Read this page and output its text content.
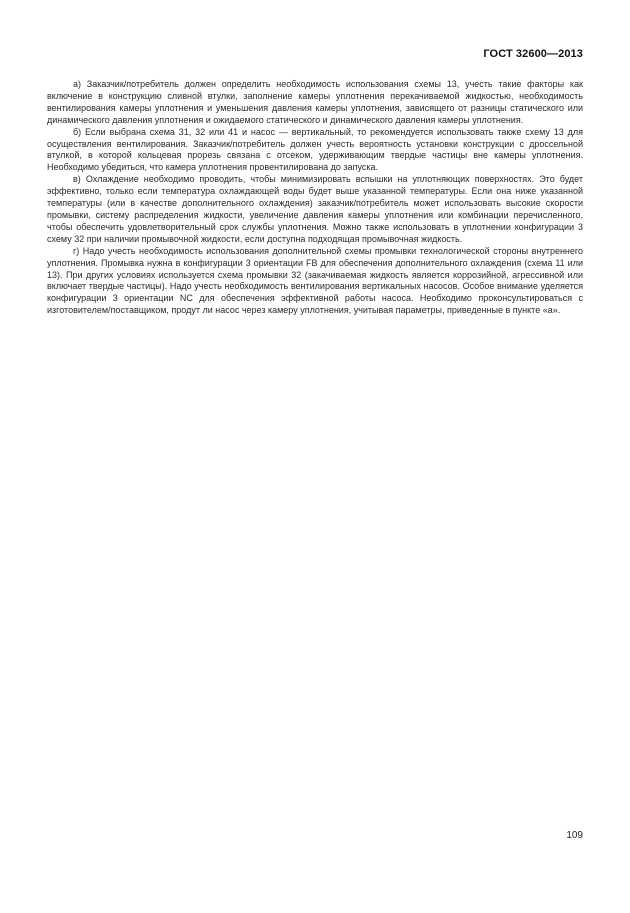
ГОСТ 32600—2013

а) Заказчик/потребитель должен определить необходимость использования схемы 13, учесть такие факторы как включение в конструкцию сливной втулки, заполнение камеры уплотнения перекачиваемой жидкостью, необходимость вентилирования камеры уплотнения и уменьшения давления камеры уплотнения, зависящего от разницы статического или динамического давления уплотнения и ожидаемого статического и динамического давления камеры уплотнения.

б) Если выбрана схема 31, 32 или 41 и насос — вертикальный, то рекомендуется использовать также схему 13 для осуществления вентилирования. Заказчик/потребитель должен учесть вероятность установки конструкции с дроссельной втулкой, в которой кольцевая прорезь связана с отсеком, удерживающим твердые частицы вне камеры уплотнения. Необходимо убедиться, что камера уплотнения провентилирована до запуска.

в) Охлаждение необходимо проводить, чтобы минимизировать вспышки на уплотняющих поверхностях. Это будет эффективно, только если температура охлаждающей воды будет выше указанной температуры. Если она ниже указанной температуры (или в качестве дополнительного охлаждения) заказчик/потребитель может использовать высокие скорости промывки, систему распределения жидкости, увеличение давления камеры уплотнения или комбинации перечисленного, чтобы обеспечить удовлетворительный срок службы уплотнения. Можно также использовать в уплотнении конфигурации 3 схему 32 при наличии промывочной жидкости, если доступна подходящая промывочная жидкость.

г) Надо учесть необходимость использования дополнительной схемы промывки технологической стороны внутреннего уплотнения. Промывка нужна в конфигурации 3 ориентации FB для обеспечения дополнительного охлаждения (схема 11 или 13). При других условиях используется схема промывки 32 (закачиваемая жидкость является коррозийной, агрессивной или включает твердые частицы). Надо учесть необходимость вентилирования вертикальных насосов. Особое внимание уделяется конфигурации 3 ориентации NC для обеспечения эффективной работы насоса. Необходимо проконсультироваться с изготовителем/поставщиком, продут ли насос через камеру уплотнения, учитывая параметры, приведенные в пункте «а».

109
